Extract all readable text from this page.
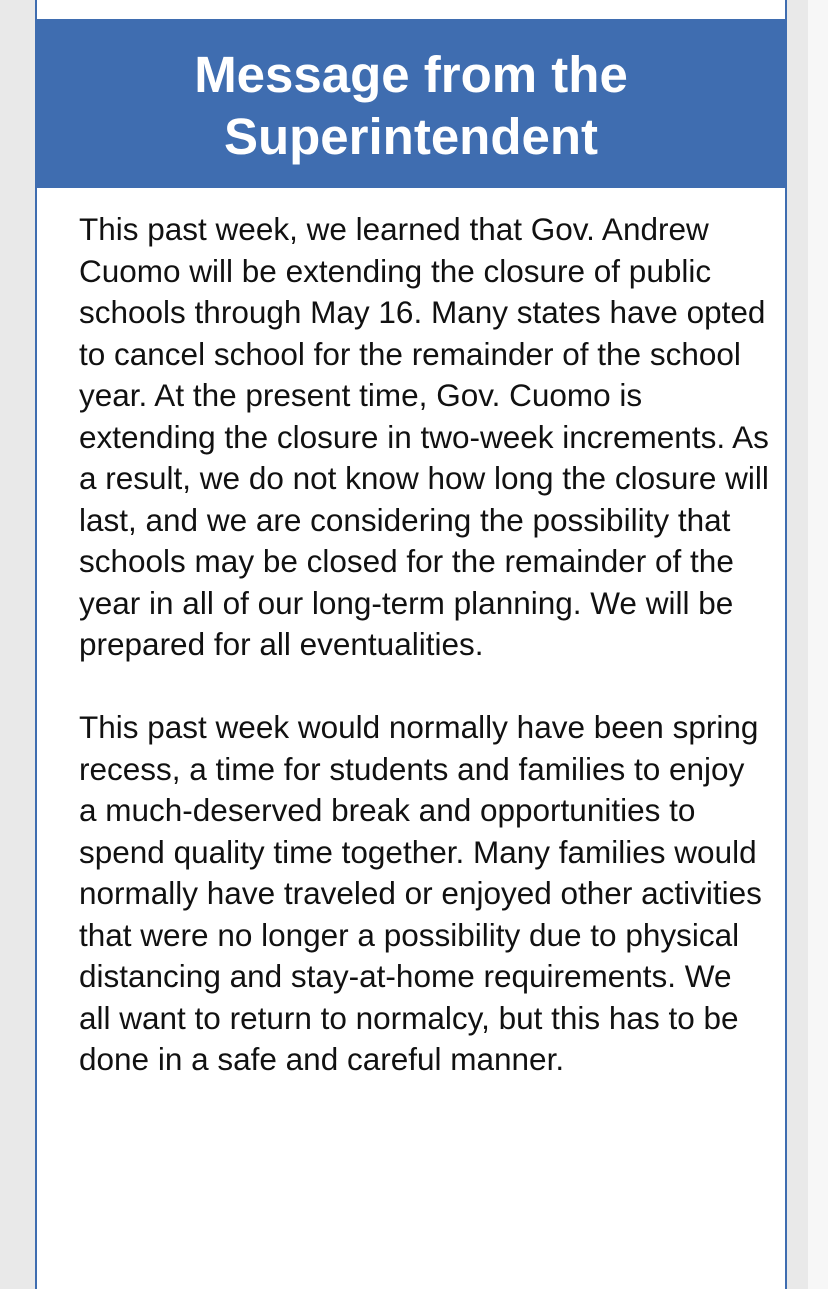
Message from the Superintendent

This past week, we learned that Gov. Andrew Cuomo will be extending the closure of public schools through May 16. Many states have opted to cancel school for the remainder of the school year. At the present time, Gov. Cuomo is extending the closure in two-week increments. As a result, we do not know how long the closure will last, and we are considering the possibility that schools may be closed for the remainder of the year in all of our long-term planning. We will be prepared for all eventualities.

This past week would normally have been spring recess, a time for students and families to enjoy a much-deserved break and opportunities to spend quality time together. Many families would normally have traveled or enjoyed other activities that were no longer a possibility due to physical distancing and stay-at-home requirements. We all want to return to normalcy, but this has to be done in a safe and careful manner.
